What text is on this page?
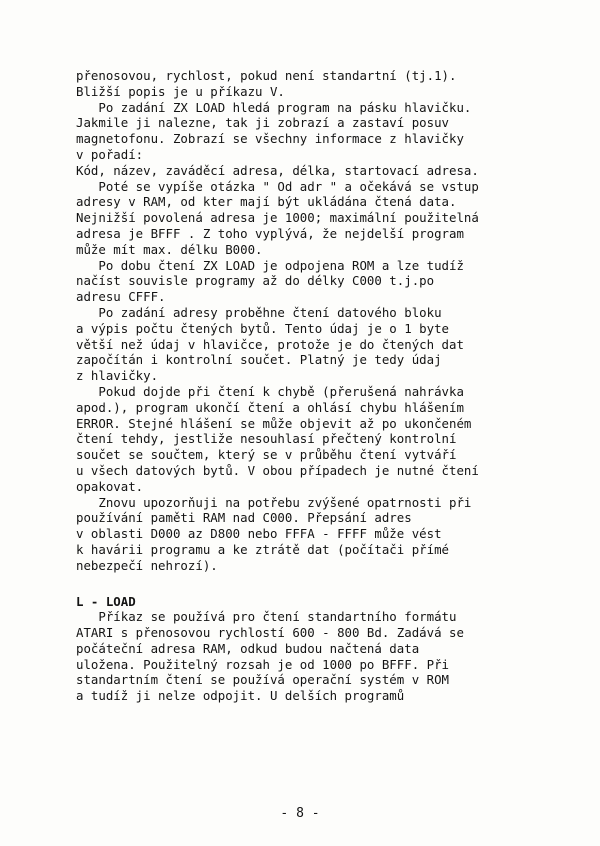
přenosovou, rychlost, pokud není standartní (tj.1).

Bližší popis je u příkazu V.

Po zadání ZX LOAD hledá program na pásku hlavičku.

Jakmile ji nalezne, tak ji zobrazí a zastaví posuv

magnetofonu. Zobrazí se všechny informace z hlavičky

v pořadí:

Kód, název, zaváděcí adresa, délka, startovací adresa.

Poté se vypíše otázka " Od adr " a očekává se vstup

adresy v RAM, od kter mají být ukládána čtená data.

Nejnižší povolená adresa je 1000; maximální použitelná

adresa je BFFF . Z toho vyplývá, že nejdelší program

může mít max. délku B000.

Po dobu čtení ZX LOAD je odpojena ROM a lze tudíž

načíst souvisle programy až do délky C000 t.j.po

adresu CFFF.

Po zadání adresy proběhne čtení datového bloku

a výpis počtu čtených bytů. Tento údaj je o 1 byte

větší než údaj v hlavičce, protože je do čtených dat

započítán i kontrolní součet. Platný je tedy údaj

z hlavičky.

Pokud dojde při čtení k chybě (přerušená nahrávka

apod.), program ukončí čtení a ohlásí chybu hlášením

ERROR. Stejné hlášení se může objevit až po ukončeném

čtení tehdy, jestliže nesouhlasí přečtený kontrolní

součet se součtem, který se v průběhu čtení vytváří

u všech datových bytů. V obou případech je nutné čtení

opakovat.

Znovu upozorňuji na potřebu zvýšené opatrnosti při

používání paměti RAM nad C000. Přepsání adres

v oblasti D000 az D800 nebo FFFA - FFFF může vést

k havárii programu a ke ztrátě dat (počítači přímé

nebezpečí nehrozí).

L - LOAD

Příkaz se používá pro čtení standartního formátu

ATARI s přenosovou rychlostí 600 - 800 Bd. Zadává se

počáteční adresa RAM, odkud budou načtená data

uložena. Použitelný rozsah je od 1000 po BFFF. Při

standartním čtení se používá operační systém v ROM

a tudíž ji nelze odpojit. U delších programů

- 8 -
